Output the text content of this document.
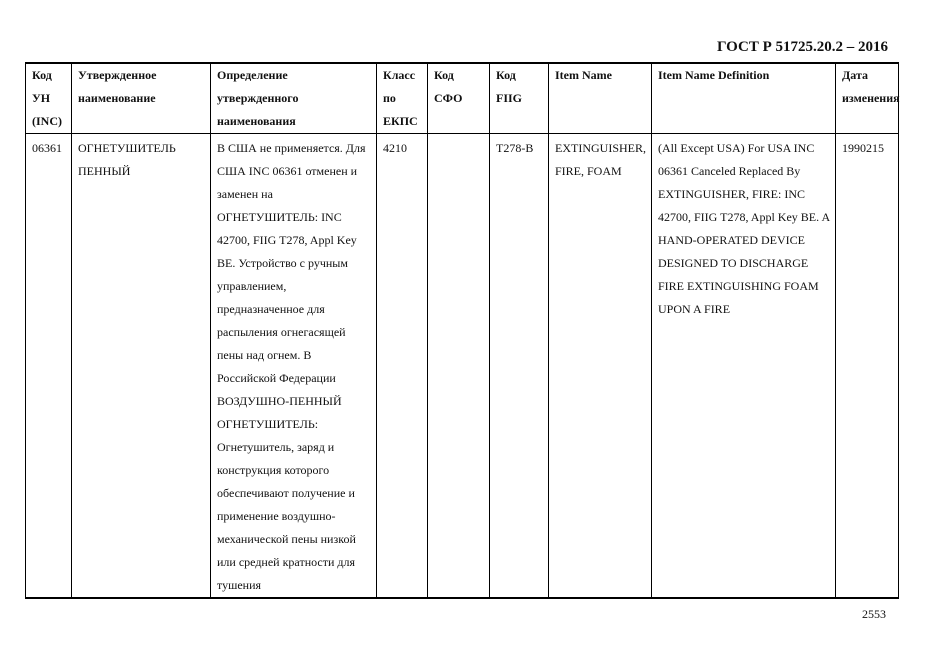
ГОСТ Р 51725.20.2 – 2016
Код УН (INC)	Утвержденное наименование	Определение утвержденного наименования	Класс по ЕКПС	Код СФО	Код FIIG	Item Name	Item Name Definition	Дата изменения
06361	ОГНЕТУШИТЕЛЬ ПЕННЫЙ	В США не применяется. Для США INC 06361 отменен и заменен на ОГНЕТУШИТЕЛЬ: INC 42700, FIIG T278, Appl Key BE. Устройство с ручным управлением, предназначенное для распыления огнегасящей пены над огнем. В Российской Федерации ВОЗДУШНО-ПЕННЫЙ ОГНЕТУШИТЕЛЬ: Огнетушитель, заряд и конструкция которого обеспечивают получение и применение воздушно-механической пены низкой или средней кратности для тушения	4210		T278-B	EXTINGUISHER, FIRE, FOAM	(All Except USA) For USA INC 06361 Canceled Replaced By EXTINGUISHER, FIRE: INC 42700, FIIG T278, Appl Key BE. A HAND-OPERATED DEVICE DESIGNED TO DISCHARGE FIRE EXTINGUISHING FOAM UPON A FIRE	1990215
2553
